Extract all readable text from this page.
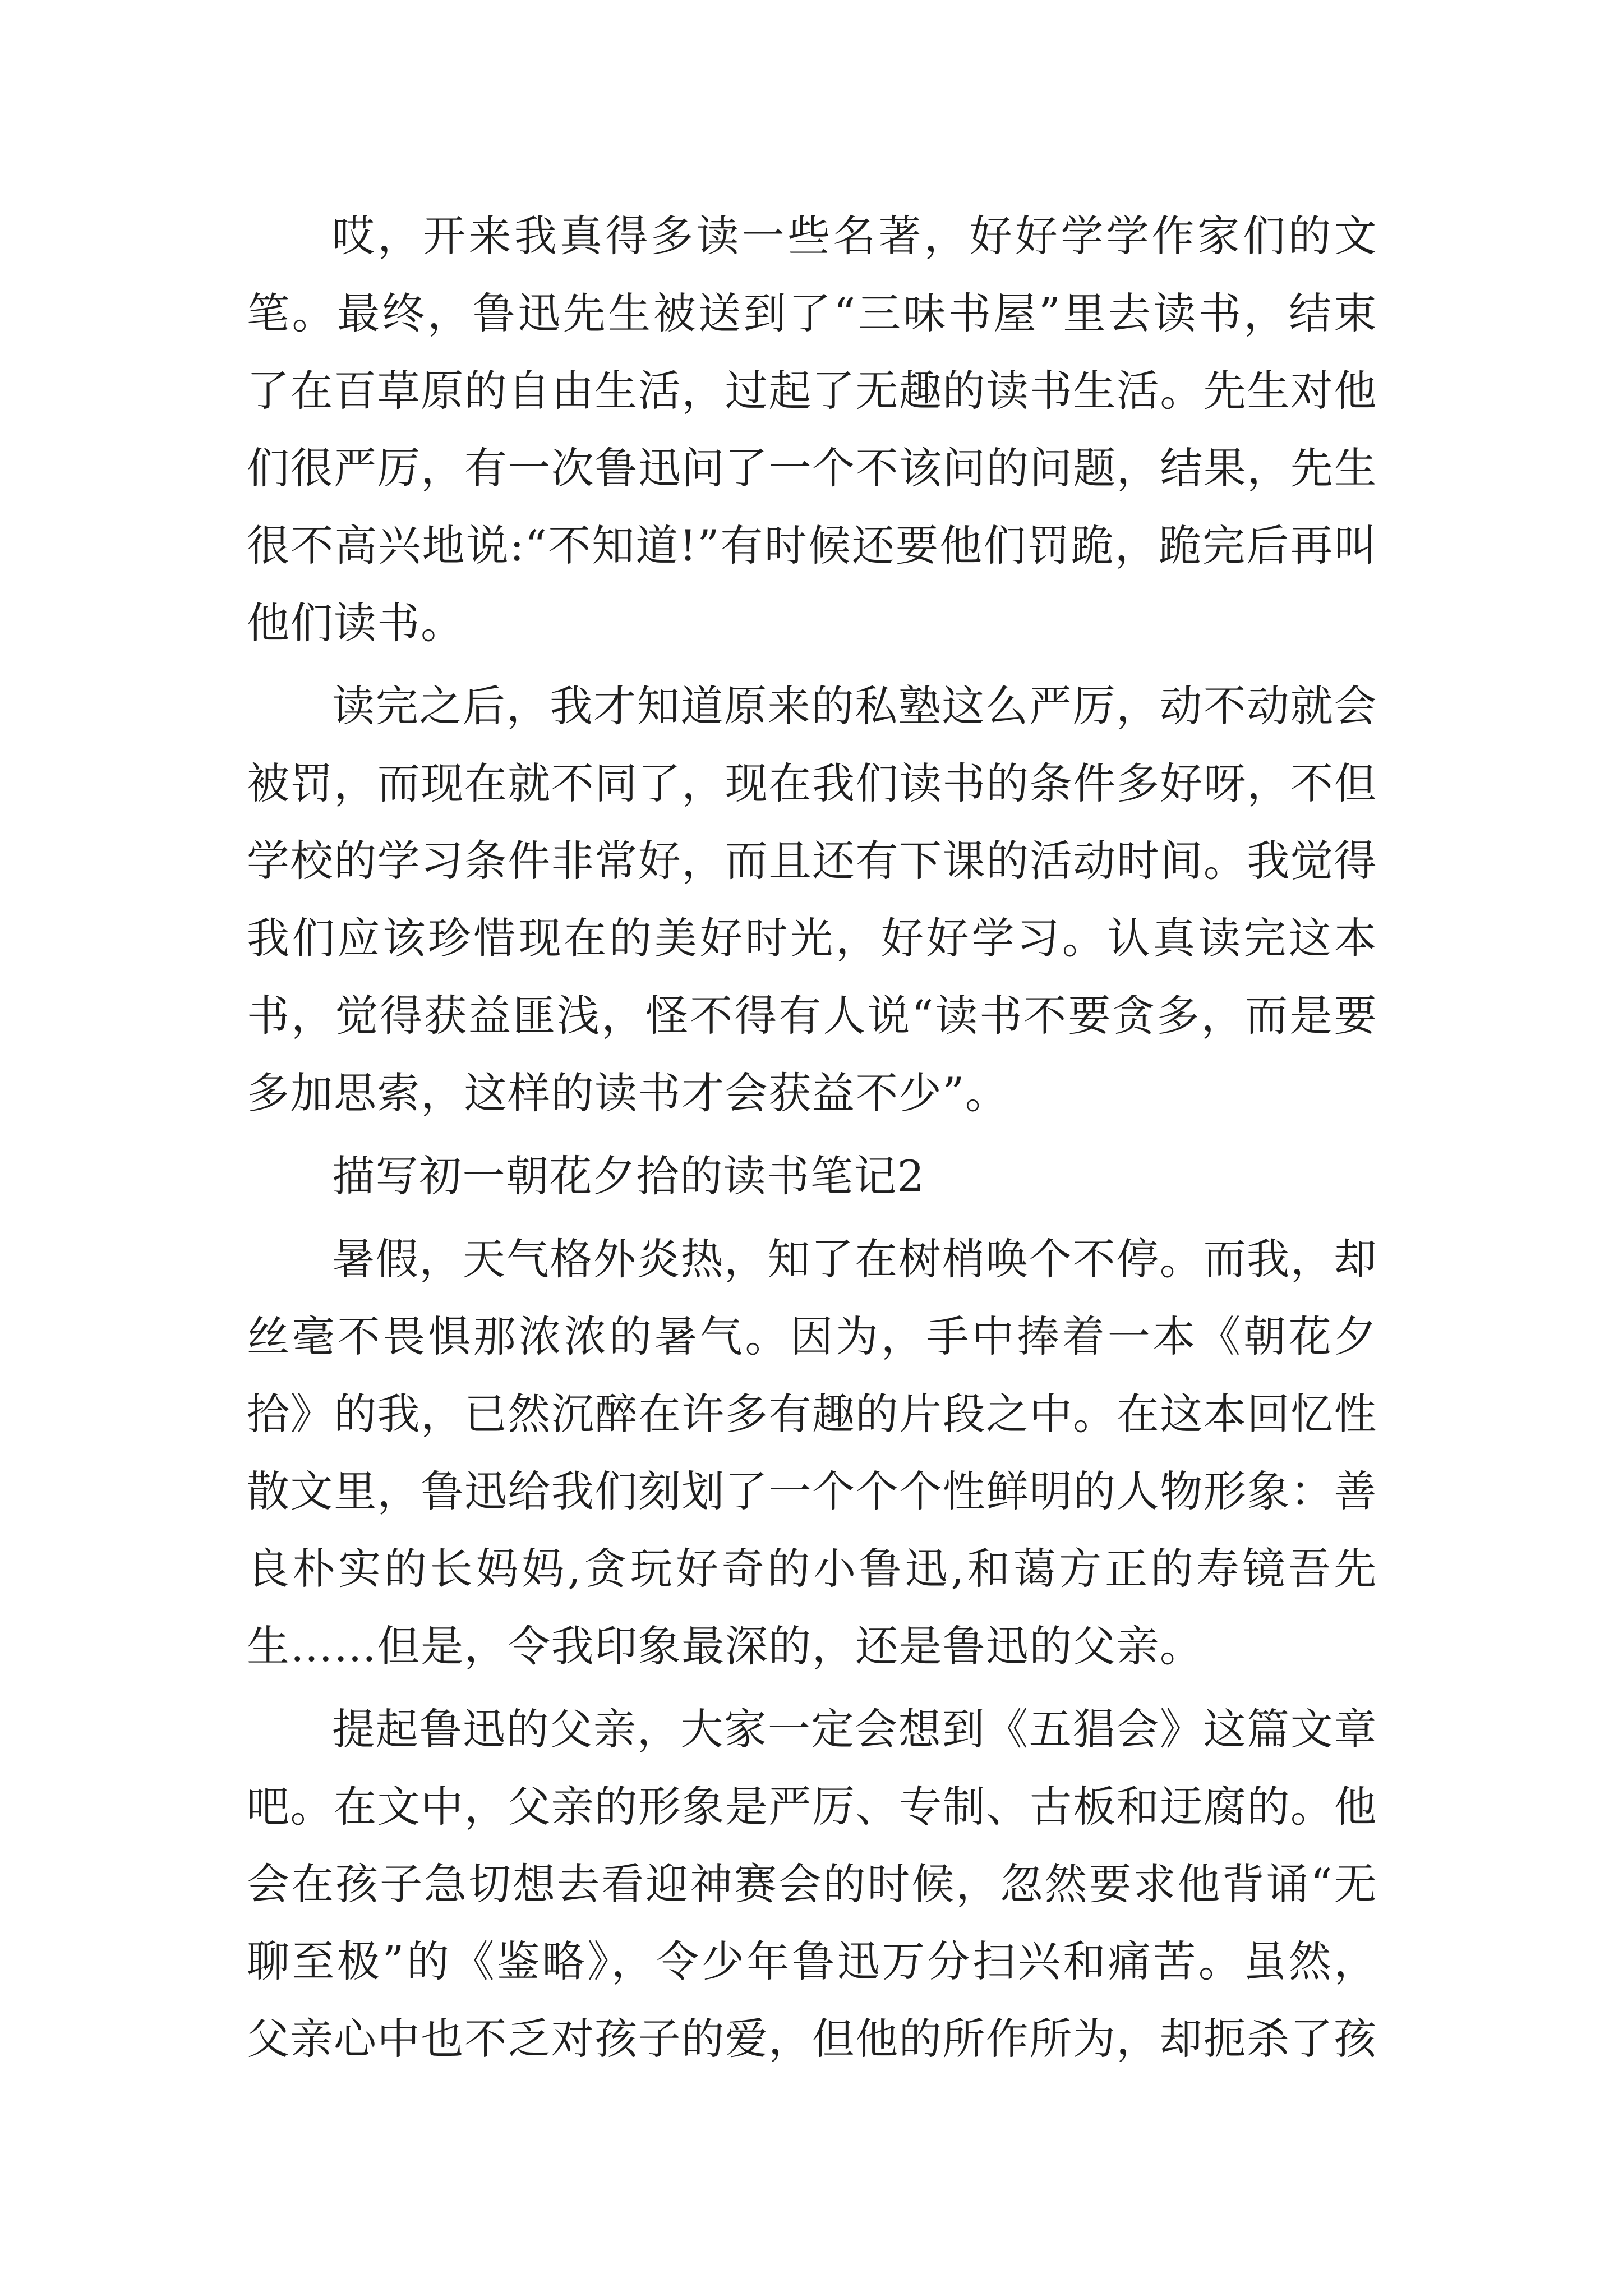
哎，开来我真得多读一些名著，好好学学作家们的文笔。最终，鲁迅先生被送到了“三味书屋”里去读书，结束了在百草原的自由生活，过起了无趣的读书生活。先生对他们很严厉，有一次鲁迅问了一个不该问的问题，结果，先生很不高兴地说:“不知道!”有时候还要他们罚跪，跪完后再叫他们读书。

读完之后，我才知道原来的私塾这么严厉，动不动就会被罚，而现在就不同了，现在我们读书的条件多好呀，不但学校的学习条件非常好，而且还有下课的活动时间。我觉得我们应该珍惜现在的美好时光，好好学习。认真读完这本书，觉得获益匪浅，怪不得有人说“读书不要贪多，而是要多加思索，这样的读书才会获益不少”。

描写初一朝花夕拾的读书笔记2

暑假，天气格外炎热，知了在树梢唤个不停。而我，却丝毫不畏惧那浓浓的暑气。因为，手中捧着一本《朝花夕拾》的我，已然沉醉在许多有趣的片段之中。在这本回忆性散文里，鲁迅给我们刻划了一个个个性鲜明的人物形象：善良朴实的长妈妈,贪玩好奇的小鲁迅,和蔼方正的寿镜吾先生……但是，令我印象最深的，还是鲁迅的父亲。

提起鲁迅的父亲，大家一定会想到《五猖会》这篇文章吧。在文中，父亲的形象是严厉、专制、古板和迂腐的。他会在孩子急切想去看迎神赛会的时候，忽然要求他背诵“无聊至极”的《鉴略》，令少年鲁迅万分扫兴和痛苦。虽然，父亲心中也不乏对孩子的爱，但他的所作所为，却扼杀了孩
